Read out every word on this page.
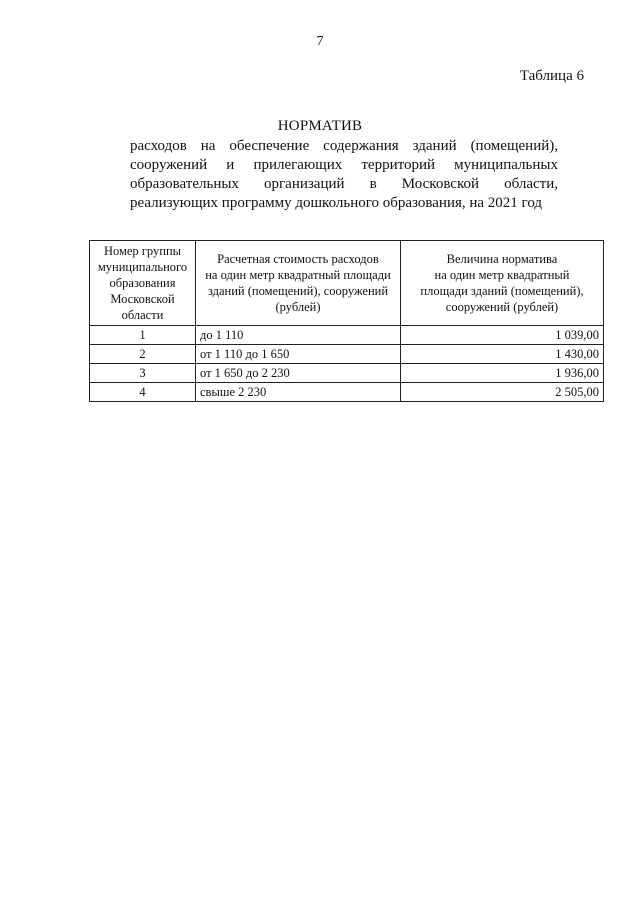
7
Таблица 6
НОРМАТИВ
расходов на обеспечение содержания зданий (помещений),
сооружений и прилегающих территорий муниципальных
образовательных организаций в Московской области,
реализующих программу дошкольного образования, на 2021 год
Номер группы
муниципального
образования
Московской
области	Расчетная стоимость расходов
на один метр квадратный площади
зданий (помещений), сооружений
(рублей)	Величина норматива
на один метр квадратный
площади зданий (помещений),
сооружений (рублей)

1	до 1 110	1 039,00
2	от 1 110 до 1 650	1 430,00
3	от 1 650 до 2 230	1 936,00
4	свыше 2 230	2 505,00
